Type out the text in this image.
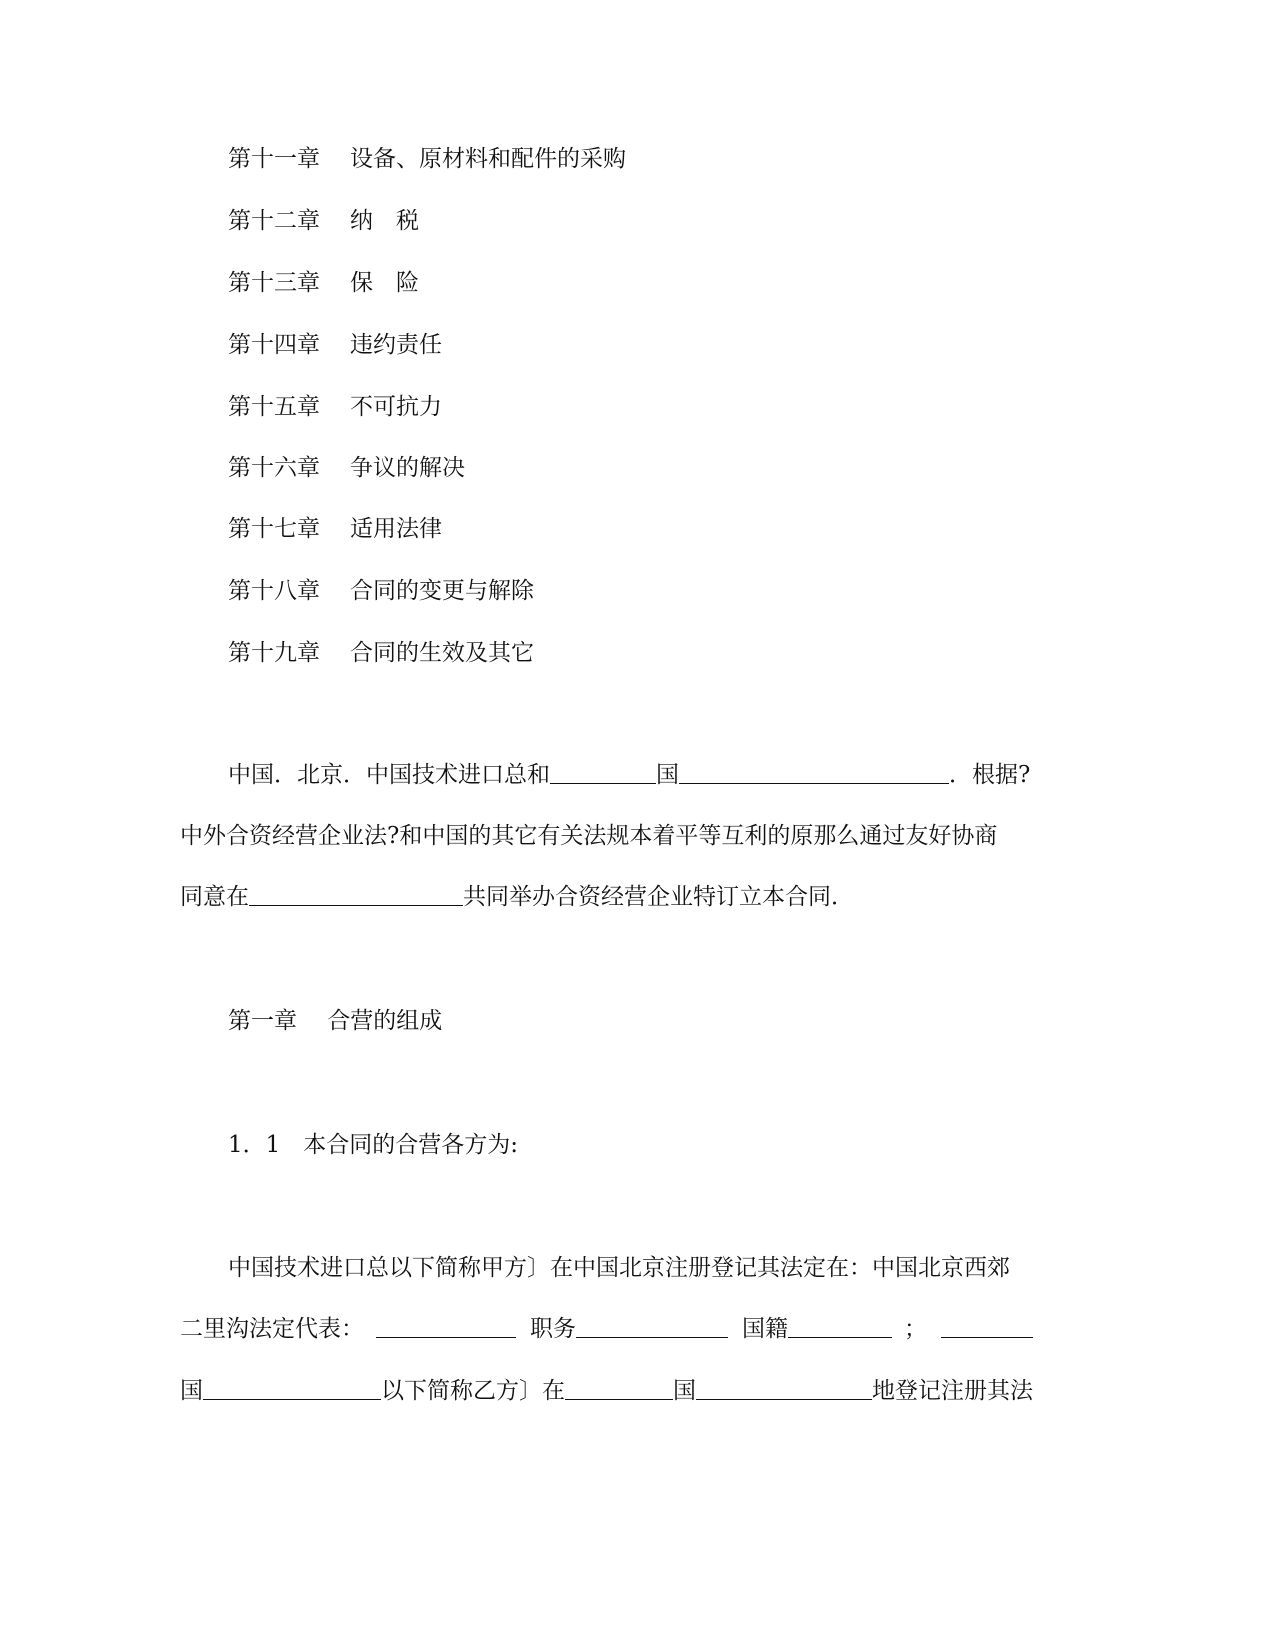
第十一章 设备、原材料和配件的采购
第十二章 纳　税
第十三章 保　险
第十四章 违约责任
第十五章 不可抗力
第十六章 争议的解决
第十七章 适用法律
第十八章 合同的变更与解除
第十九章 合同的生效及其它
中国．北京．中国技术进口总和	国	．根据?
中外合资经营企业法?和中国的其它有关法规本着平等互利的原那么通过友好协商
同意在	共同举办合资经营企业特订立本合同．
第一章　 合营的组成
1．1　本合同的合营各方为:
中国技术进口总以下简称甲方〕在中国北京注册登记其法定在：中国北京西郊
二里沟法定代表：	职务	国籍	；
国	以下简称乙方〕在	国	地登记注册其法
